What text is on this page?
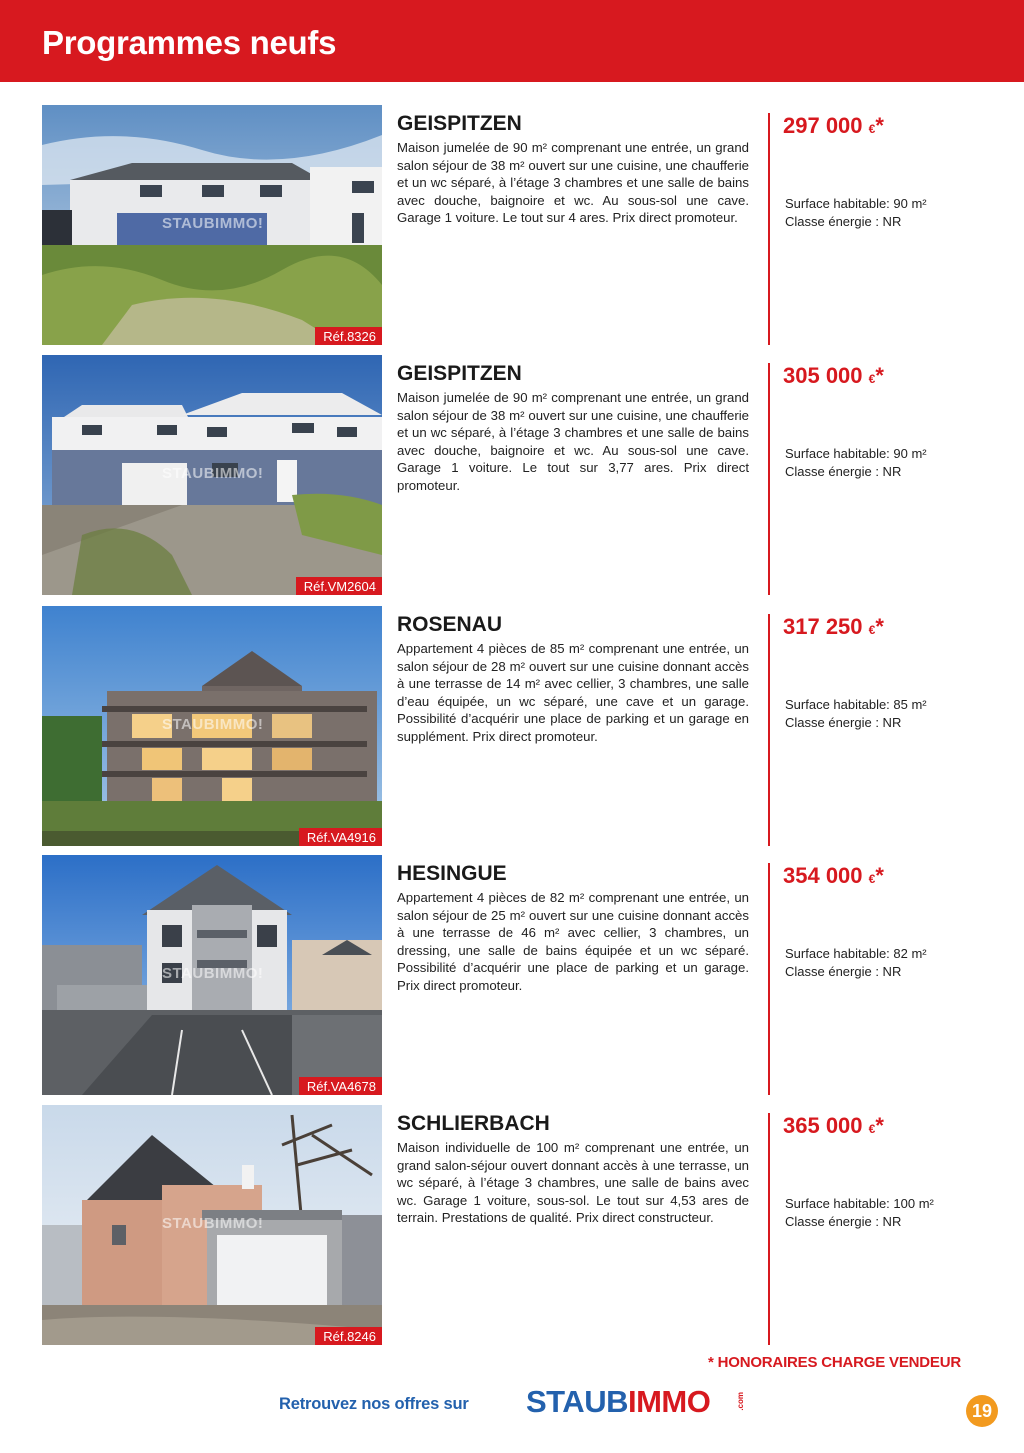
Programmes neufs
STAUBIMMO!
Réf.8326
GEISPITZEN
Maison jumelée de 90 m² comprenant une entrée, un grand salon séjour de 38 m² ouvert sur une cuisine, une chaufferie et un wc séparé, à l’étage 3 chambres et une salle de bains avec douche, baignoire et wc. Au sous-sol une cave. Garage 1 voiture. Le tout sur 4 ares. Prix direct promoteur.
297 000 €*
Surface habitable: 90 m²
Classe énergie : NR
STAUBIMMO!
Réf.VM2604
GEISPITZEN
Maison jumelée de 90 m² comprenant une entrée, un grand salon séjour de 38 m² ouvert sur une cuisine, une chaufferie et un wc séparé, à l’étage 3 chambres et une salle de bains avec douche, baignoire et wc. Au sous-sol une cave. Garage 1 voiture. Le tout sur 3,77 ares. Prix direct promoteur.
305 000 €*
Surface habitable: 90 m²
Classe énergie : NR
STAUBIMMO!
Réf.VA4916
ROSENAU
Appartement 4 pièces de 85 m² comprenant une entrée, un salon séjour de 28 m² ouvert sur une cuisine donnant accès à une terrasse de 14 m² avec cellier, 3 chambres, une salle d’eau équipée, un wc séparé, une cave et un garage. Possibilité d’acquérir une place de parking et un garage en supplément. Prix direct promoteur.
317 250 €*
Surface habitable: 85 m²
Classe énergie : NR
STAUBIMMO!
Réf.VA4678
HESINGUE
Appartement 4 pièces de 82 m² comprenant une entrée, un salon séjour de 25 m² ouvert sur une cuisine donnant accès à une terrasse de 46 m² avec cellier, 3 chambres, un dressing, une salle de bains équipée et un wc séparé. Possibilité d’acquérir une place de parking et un garage. Prix direct promoteur.
354 000 €*
Surface habitable: 82 m²
Classe énergie : NR
STAUBIMMO!
Réf.8246
SCHLIERBACH
Maison individuelle de 100 m² comprenant une entrée, un grand salon-séjour ouvert donnant accès à une terrasse, un wc séparé, à l’étage 3 chambres, une salle de bains avec wc. Garage 1 voiture, sous-sol. Le tout sur 4,53 ares de terrain. Prestations de qualité. Prix direct constructeur.
365 000 €*
Surface habitable: 100 m²
Classe énergie : NR
* HONORAIRES CHARGE VENDEUR
Retrouvez nos offres sur STAUBIMMO	.com	19
